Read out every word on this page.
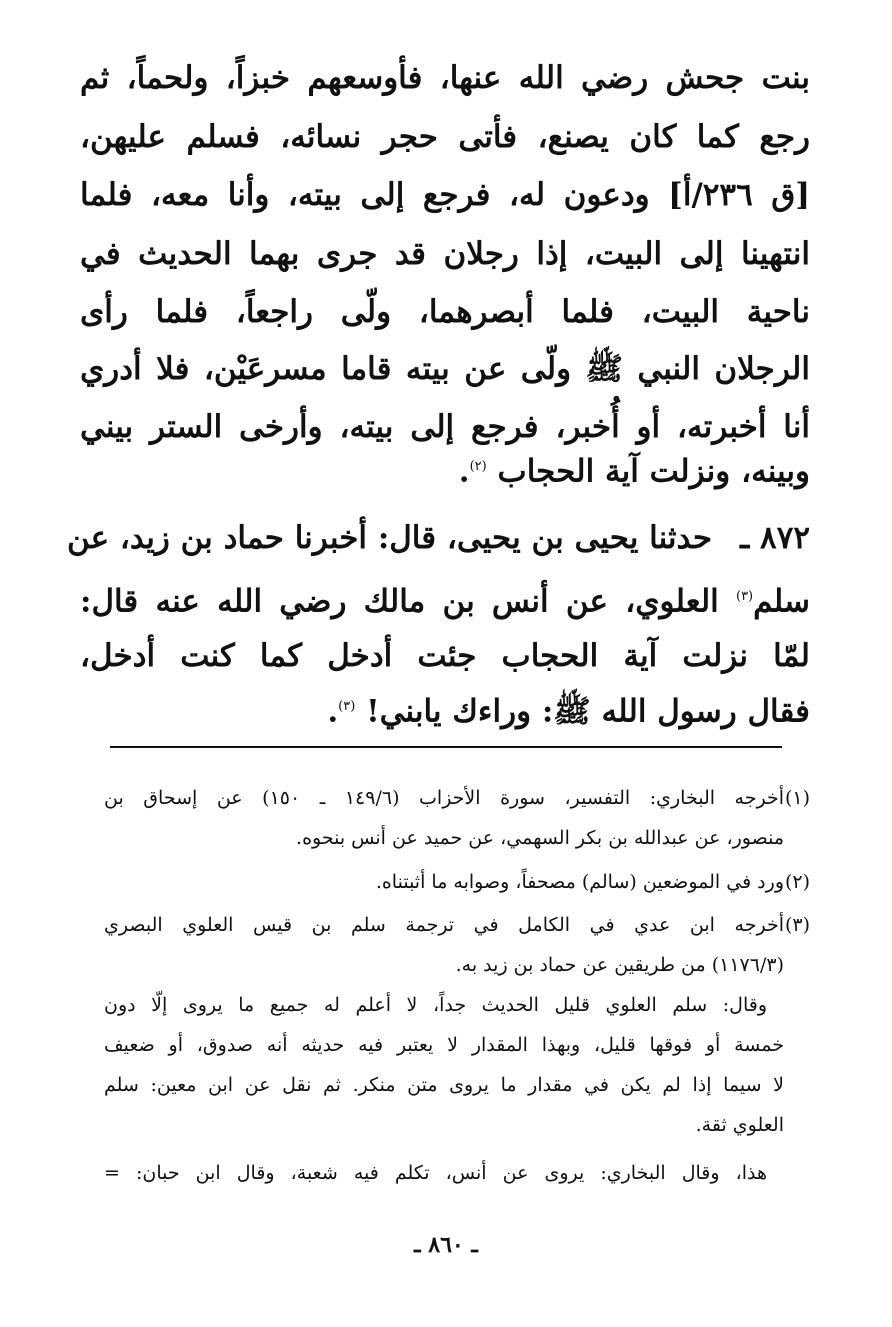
بنت جحش رضي الله عنها، فأوسعهم خبزاً، ولحماً، ثم
رجع كما كان يصنع، فأتى حجر نسائه، فسلم عليهن،
[ق ٢٣٦/أ] ودعون له، فرجع إلى بيته، وأنا معه، فلما
انتهينا إلى البيت، إذا رجلان قد جرى بهما الحديث في
ناحية البيت، فلما أبصرهما، ولّى راجعاً، فلما رأى
الرجلان النبي ﷺ ولّى عن بيته قاما مسرعَيْن، فلا أدري
أنا أخبرته، أو أُخبر، فرجع إلى بيته، وأرخى الستر بيني
وبينه، ونزلت آية الحجاب $^{(٢)}$.
٨٧٢ ـ
حدثنا يحيى بن يحيى، قال: أخبرنا حماد بن زيد، عن
سلم$^{(٣)}$ العلوي، عن أنس بن مالك رضي الله عنه قال:
لمّا نزلت آية الحجاب جئت أدخل كما كنت أدخل،
فقال رسول الله ﷺ: وراءك يابني! $^{(٣)}$.
(١)
أخرجه البخاري: التفسير، سورة الأحزاب (١٤٩/٦ ـ ١٥٠) عن إسحاق بن
منصور، عن عبدالله بن بكر السهمي، عن حميد عن أنس بنحوه.
(٢)
ورد في الموضعين (سالم) مصحفاً، وصوابه ما أثبتناه.
(٣)
أخرجه ابن عدي في الكامل في ترجمة سلم بن قيس العلوي البصري
(١١٧٦/٣) من طريقين عن حماد بن زيد به.
وقال: سلم العلوي قليل الحديث جداً، لا أعلم له جميع ما يروى إلّا دون
خمسة أو فوقها قليل، وبهذا المقدار لا يعتبر فيه حديثه أنه صدوق، أو ضعيف
لا سيما إذا لم يكن في مقدار ما يروى متن منكر. ثم نقل عن ابن معين: سلم
العلوي ثقة.
هذا، وقال البخاري: يروى عن أنس، تكلم فيه شعبة، وقال ابن حبان: =
ـ ٨٦٠ ـ
